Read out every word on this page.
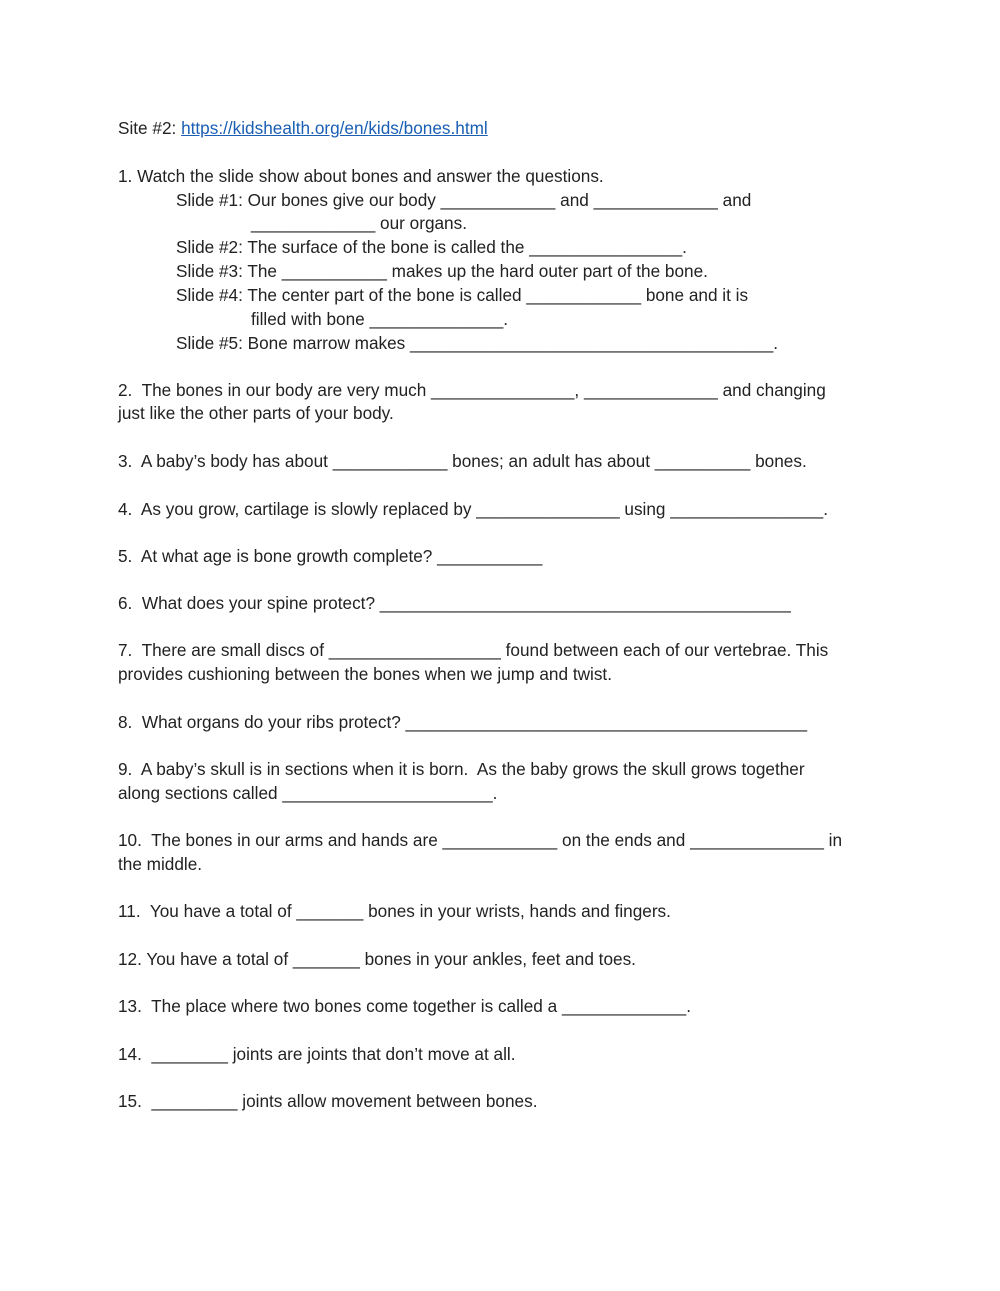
Site #2: https://kidshealth.org/en/kids/bones.html
1. Watch the slide show about bones and answer the questions.
Slide #1: Our bones give our body ____________ and _____________ and
_____________ our organs.
Slide #2: The surface of the bone is called the ________________.
Slide #3: The ___________ makes up the hard outer part of the bone.
Slide #4: The center part of the bone is called ____________ bone and it is
filled with bone ______________.
Slide #5: Bone marrow makes ______________________________________.
2.  The bones in our body are very much _______________, ______________ and changing
just like the other parts of your body.
3.  A baby’s body has about ____________ bones; an adult has about __________ bones.
4.  As you grow, cartilage is slowly replaced by _______________ using ________________.
5.  At what age is bone growth complete? ___________
6.  What does your spine protect? ___________________________________________
7.  There are small discs of __________________ found between each of our vertebrae. This
provides cushioning between the bones when we jump and twist.
8.  What organs do your ribs protect? __________________________________________
9.  A baby’s skull is in sections when it is born.  As the baby grows the skull grows together
along sections called ______________________.
10.  The bones in our arms and hands are ____________ on the ends and ______________ in
the middle.
11.  You have a total of _______ bones in your wrists, hands and fingers.
12. You have a total of _______ bones in your ankles, feet and toes.
13.  The place where two bones come together is called a _____________.
14.  ________ joints are joints that don’t move at all.
15.  _________ joints allow movement between bones.
